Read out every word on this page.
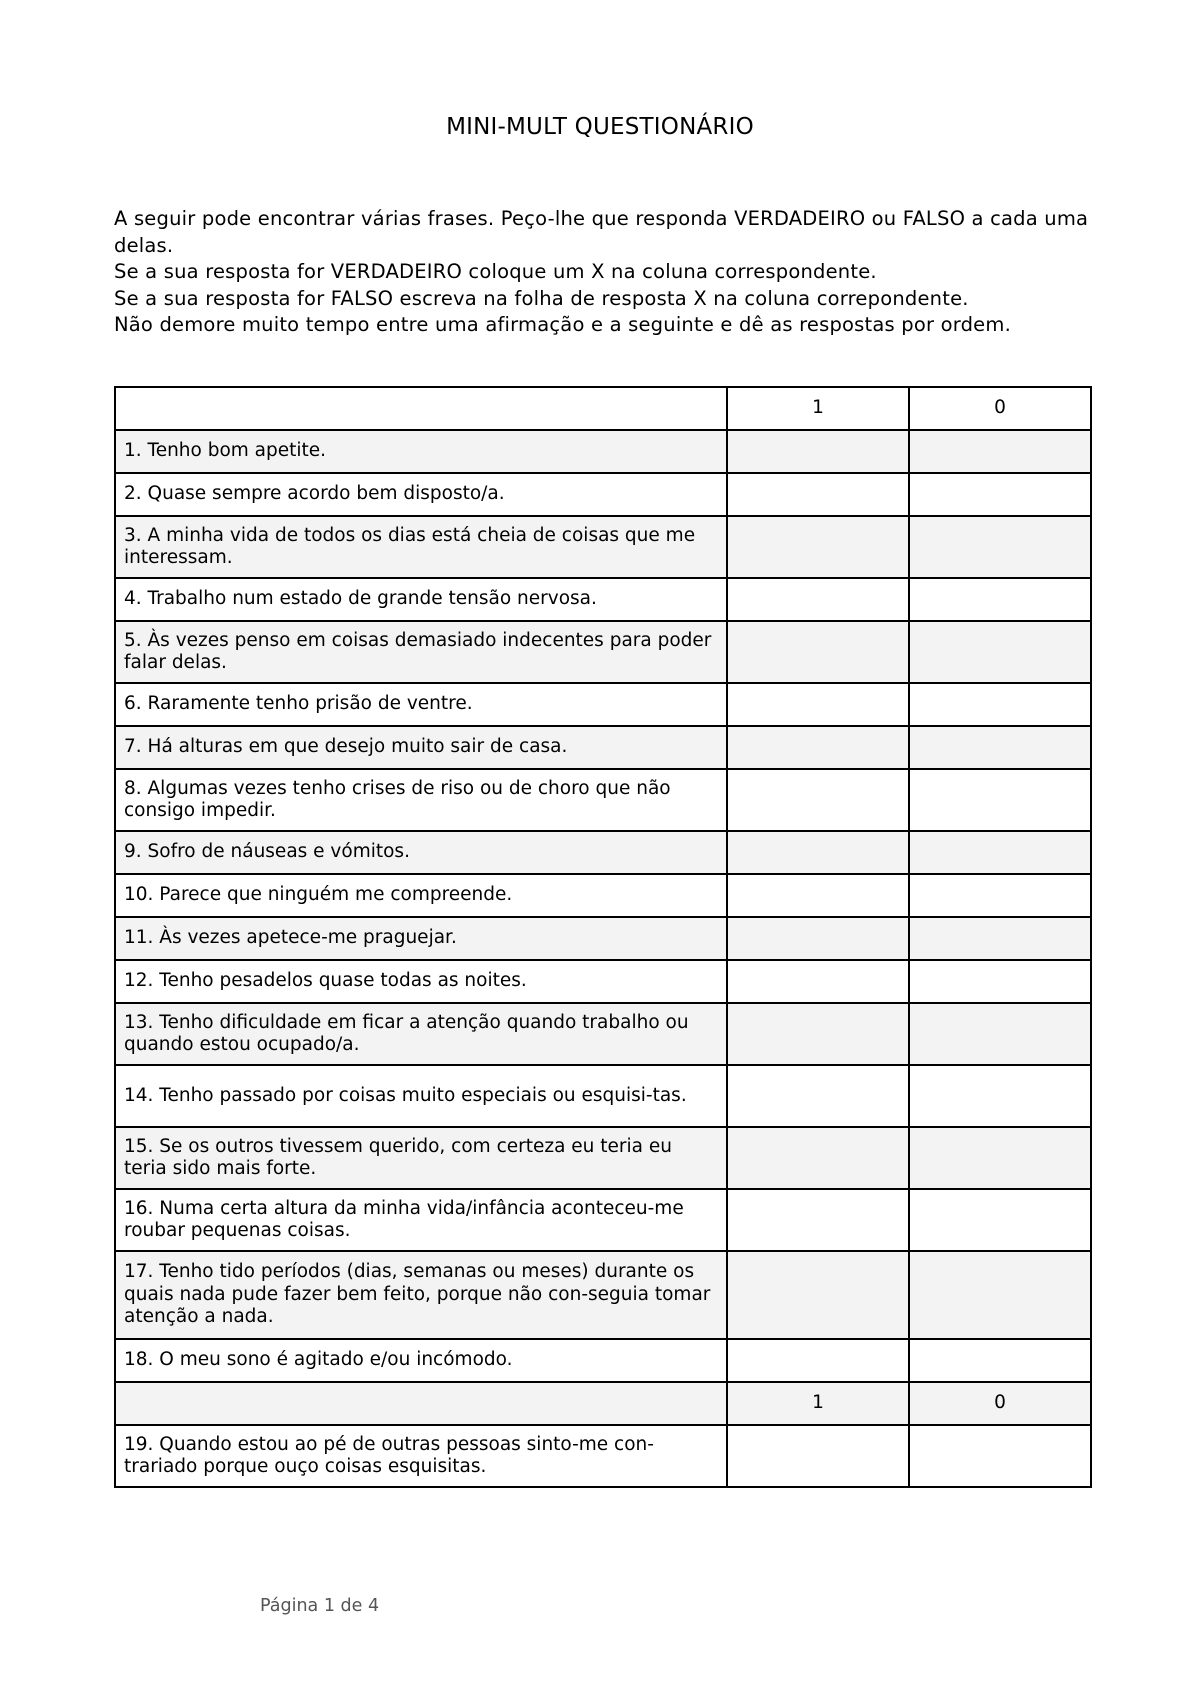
MINI-MULT QUESTIONÁRIO

A seguir pode encontrar várias frases. Peço-lhe que responda VERDADEIRO ou FALSO a cada uma delas.

Se a sua resposta for VERDADEIRO coloque um X na coluna correspondente.

Se a sua resposta for FALSO escreva na folha de resposta X na coluna correpondente.

Não demore muito tempo entre uma afirmação e a seguinte e dê as respostas por ordem.

	1	0
1. Tenho bom apetite.		
2. Quase sempre acordo bem disposto/a.		
3. A minha vida de todos os dias está cheia de coisas que me interessam.		
4. Trabalho num estado de grande tensão nervosa.		
5. Às vezes penso em coisas demasiado indecentes para poder falar delas.		
6. Raramente tenho prisão de ventre.		
7. Há alturas em que desejo muito sair de casa.		
8. Algumas vezes tenho crises de riso ou de choro que não consigo impedir.		
9. Sofro de náuseas e vómitos.		
10. Parece que ninguém me compreende.		
11. Às vezes apetece-me praguejar.		
12. Tenho pesadelos quase todas as noites.		
13. Tenho dificuldade em ficar a atenção quando trabalho ou quando estou ocupado/a.		
14. Tenho passado por coisas muito especiais ou esquisi-tas.		
15. Se os outros tivessem querido, com certeza eu teria eu teria sido mais forte.		
16. Numa certa altura da minha vida/infância aconteceu-me roubar pequenas coisas.		
17. Tenho tido períodos (dias, semanas ou meses) durante os quais nada pude fazer bem feito, porque não con-seguia tomar atenção a nada.		
18. O meu sono é agitado e/ou incómodo.		
	1	0
19. Quando estou ao pé de outras pessoas sinto-me con-trariado porque ouço coisas esquisitas.		
Página 1 de 4
